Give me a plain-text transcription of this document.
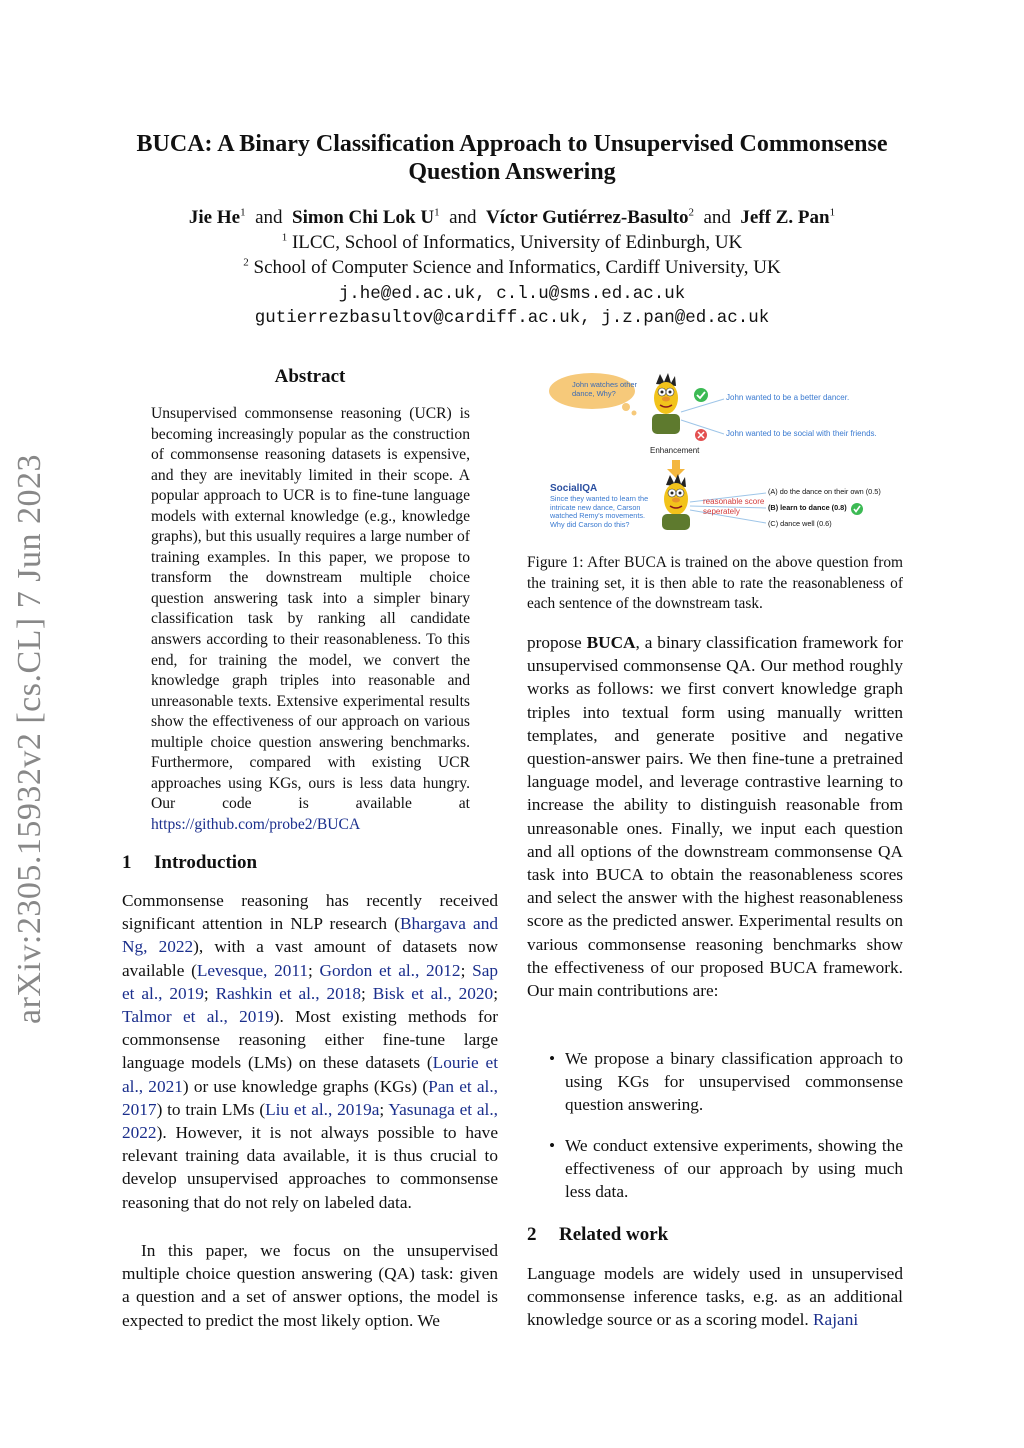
arXiv:2305.15932v2 [cs.CL] 7 Jun 2023
BUCA: A Binary Classification Approach to Unsupervised Commonsense Question Answering
Jie He$^1$ and Simon Chi Lok $U^1$ and Víctor Gutiérrez-Basulto$^2$ and Jeff Z. Pan$^1$
$^1$ ILCC, School of Informatics, University of Edinburgh, UK
$^2$ School of Computer Science and Informatics, Cardiff University, UK
j.he@ed.ac.uk, c.l.u@sms.ed.ac.uk
gutierrezbasultov@cardiff.ac.uk, j.z.pan@ed.ac.uk
Abstract
Unsupervised commonsense reasoning (UCR) is becoming increasingly popular as the construction of commonsense reasoning datasets is expensive, and they are inevitably limited in their scope. A popular approach to UCR is to fine-tune language models with external knowledge (e.g., knowledge graphs), but this usually requires a large number of training examples. In this paper, we propose to transform the downstream multiple choice question answering task into a simpler binary classification task by ranking all candidate answers according to their reasonableness. To this end, for training the model, we convert the knowledge graph triples into reasonable and unreasonable texts. Extensive experimental results show the effectiveness of our approach on various multiple choice question answering benchmarks. Furthermore, compared with existing UCR approaches using KGs, ours is less data hungry. Our code is available at https://github.com/probe2/BUCA
1 Introduction
Commonsense reasoning has recently received significant attention in NLP research (Bhargava and Ng, 2022), with a vast amount of datasets now available (Levesque, 2011; Gordon et al., 2012; Sap et al., 2019; Rashkin et al., 2018; Bisk et al., 2020; Talmor et al., 2019). Most existing methods for commonsense reasoning either fine-tune large language models (LMs) on these datasets (Lourie et al., 2021) or use knowledge graphs (KGs) (Pan et al., 2017) to train LMs (Liu et al., 2019a; Yasunaga et al., 2022). However, it is not always possible to have relevant training data available, it is thus crucial to develop unsupervised approaches to commonsense reasoning that do not rely on labeled data.
In this paper, we focus on the unsupervised multiple choice question answering (QA) task: given a question and a set of answer options, the model is expected to predict the most likely option. We
John watches other dance, Why?	John wanted to be a better dancer.
John wanted to be social with their friends.
Enhancement
SocialIQA
Since they wanted to learn the intricate new dance, Carson watched Remy's movements. Why did Carson do this?
reasonable score seperately
(A) do the dance on their own (0.5)
(B) learn to dance (0.8)
(C) dance well (0.6)
Figure 1: After BUCA is trained on the above question from the training set, it is then able to rate the reasonableness of each sentence of the downstream task.
propose BUCA, a binary classification framework for unsupervised commonsense QA. Our method roughly works as follows: we first convert knowledge graph triples into textual form using manually written templates, and generate positive and negative question-answer pairs. We then fine-tune a pretrained language model, and leverage contrastive learning to increase the ability to distinguish reasonable from unreasonable ones. Finally, we input each question and all options of the downstream commonsense QA task into BUCA to obtain the reasonableness scores and select the answer with the highest reasonableness score as the predicted answer. Experimental results on various commonsense reasoning benchmarks show the effectiveness of our proposed BUCA framework. Our main contributions are:
• We propose a binary classification approach to using KGs for unsupervised commonsense question answering.
• We conduct extensive experiments, showing the effectiveness of our approach by using much less data.
2 Related work
Language models are widely used in unsupervised commonsense inference tasks, e.g. as an additional knowledge source or as a scoring model. Rajani
